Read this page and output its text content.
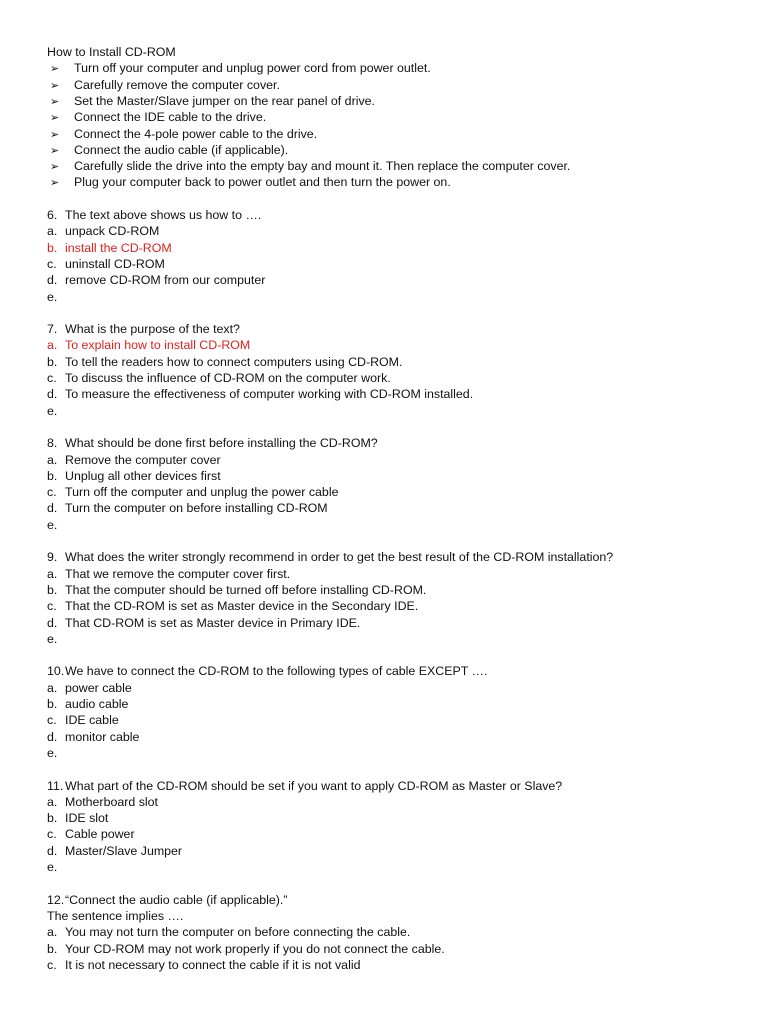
How to Install CD-ROM
➢ Turn off your computer and unplug power cord from power outlet.
➢ Carefully remove the computer cover.
➢ Set the Master/Slave jumper on the rear panel of drive.
➢ Connect the IDE cable to the drive.
➢ Connect the 4-pole power cable to the drive.
➢ Connect the audio cable (if applicable).
➢ Carefully slide the drive into the empty bay and mount it. Then replace the computer cover.
➢ Plug your computer back to power outlet and then turn the power on.
6. The text above shows us how to ….
a. unpack CD-ROM
b. install the CD-ROM
c. uninstall CD-ROM
d. remove CD-ROM from our computer
e.
7. What is the purpose of the text?
a. To explain how to install CD-ROM
b. To tell the readers how to connect computers using CD-ROM.
c. To discuss the influence of CD-ROM on the computer work.
d. To measure the effectiveness of computer working with CD-ROM installed.
e.
8. What should be done first before installing the CD-ROM?
a. Remove the computer cover
b. Unplug all other devices first
c. Turn off the computer and unplug the power cable
d. Turn the computer on before installing CD-ROM
e.
9. What does the writer strongly recommend in order to get the best result of the CD-ROM installation?
a. That we remove the computer cover first.
b. That the computer should be turned off before installing CD-ROM.
c. That the CD-ROM is set as Master device in the Secondary IDE.
d. That CD-ROM is set as Master device in Primary IDE.
e.
10.We have to connect the CD-ROM to the following types of cable EXCEPT ….
a. power cable
b. audio cable
c. IDE cable
d. monitor cable
e.
11. What part of the CD-ROM should be set if you want to apply CD-ROM as Master or Slave?
a. Motherboard slot
b. IDE slot
c. Cable power
d. Master/Slave Jumper
e.
12.“Connect the audio cable (if applicable).”
The sentence implies ….
a. You may not turn the computer on before connecting the cable.
b. Your CD-ROM may not work properly if you do not connect the cable.
c. It is not necessary to connect the cable if it is not valid
